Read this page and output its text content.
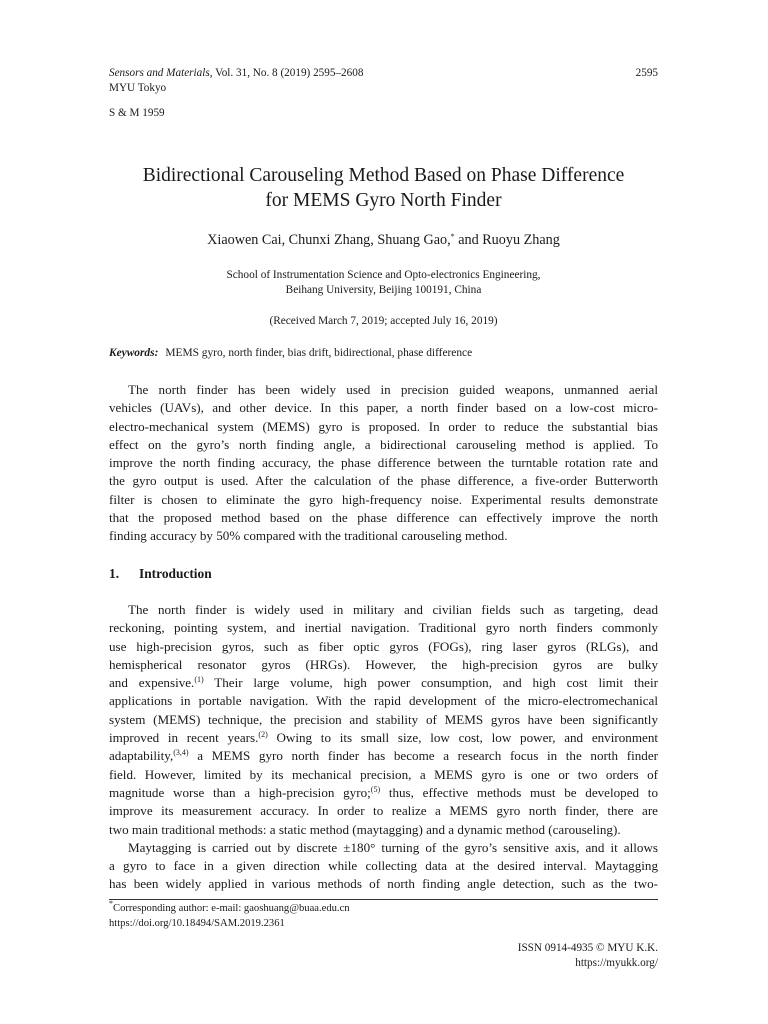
Sensors and Materials, Vol. 31, No. 8 (2019) 2595–2608
MYU Tokyo
2595
S & M 1959
Bidirectional Carouseling Method Based on Phase Difference
for MEMS Gyro North Finder
Xiaowen Cai, Chunxi Zhang, Shuang Gao,* and Ruoyu Zhang
School of Instrumentation Science and Opto-electronics Engineering,
Beihang University, Beijing 100191, China
(Received March 7, 2019; accepted July 16, 2019)
Keywords: MEMS gyro, north finder, bias drift, bidirectional, phase difference
The north finder has been widely used in precision guided weapons, unmanned aerial
vehicles (UAVs), and other device. In this paper, a north finder based on a low-cost micro-
electro-mechanical system (MEMS) gyro is proposed. In order to reduce the substantial bias
effect on the gyro’s north finding angle, a bidirectional carouseling method is applied. To
improve the north finding accuracy, the phase difference between the turntable rotation rate and
the gyro output is used. After the calculation of the phase difference, a five-order Butterworth
filter is chosen to eliminate the gyro high-frequency noise. Experimental results demonstrate
that the proposed method based on the phase difference can effectively improve the north
finding accuracy by 50% compared with the traditional carouseling method.
1. Introduction
The north finder is widely used in military and civilian fields such as targeting, dead
reckoning, pointing system, and inertial navigation. Traditional gyro north finders commonly
use high-precision gyros, such as fiber optic gyros (FOGs), ring laser gyros (RLGs), and
hemispherical resonator gyros (HRGs). However, the high-precision gyros are bulky
and expensive.$^{(1)}$ Their large volume, high power consumption, and high cost limit their
applications in portable navigation. With the rapid development of the micro-electromechanical
system (MEMS) technique, the precision and stability of MEMS gyros have been significantly
improved in recent years.$^{(2)}$ Owing to its small size, low cost, low power, and environment
adaptability,$^{(3,4)}$ a MEMS gyro north finder has become a research focus in the north finder
field. However, limited by its mechanical precision, a MEMS gyro is one or two orders of
magnitude worse than a high-precision gyro;$^{(5)}$ thus, effective methods must be developed to
improve its measurement accuracy. In order to realize a MEMS gyro north finder, there are
two main traditional methods: a static method (maytagging) and a dynamic method (carouseling).
Maytagging is carried out by discrete ±180° turning of the gyro’s sensitive axis, and it allows
a gyro to face in a given direction while collecting data at the desired interval. Maytagging
has been widely applied in various methods of north finding angle detection, such as the two-
*Corresponding author: e-mail: gaoshuang@buaa.edu.cn
https://doi.org/10.18494/SAM.2019.2361
ISSN 0914-4935 © MYU K.K.
https://myukk.org/
